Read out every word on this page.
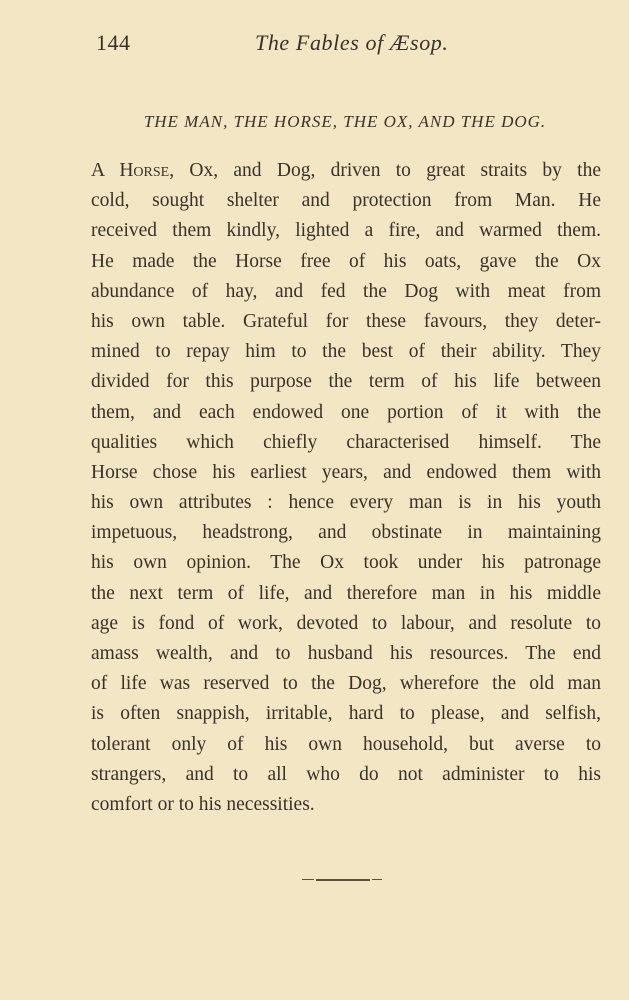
144	The Fables of Æsop.
THE MAN, THE HORSE, THE OX, AND THE DOG.
A Horse, Ox, and Dog, driven to great straits by the
cold, sought shelter and protection from Man. He
received them kindly, lighted a fire, and warmed them.
He made the Horse free of his oats, gave the Ox
abundance of hay, and fed the Dog with meat from
his own table. Grateful for these favours, they deter-
mined to repay him to the best of their ability. They
divided for this purpose the term of his life between
them, and each endowed one portion of it with the
qualities which chiefly characterised himself. The
Horse chose his earliest years, and endowed them with
his own attributes : hence every man is in his youth
impetuous, headstrong, and obstinate in maintaining
his own opinion. The Ox took under his patronage
the next term of life, and therefore man in his middle
age is fond of work, devoted to labour, and resolute to
amass wealth, and to husband his resources. The end
of life was reserved to the Dog, wherefore the old man
is often snappish, irritable, hard to please, and selfish,
tolerant only of his own household, but averse to
strangers, and to all who do not administer to his
comfort or to his necessities.
